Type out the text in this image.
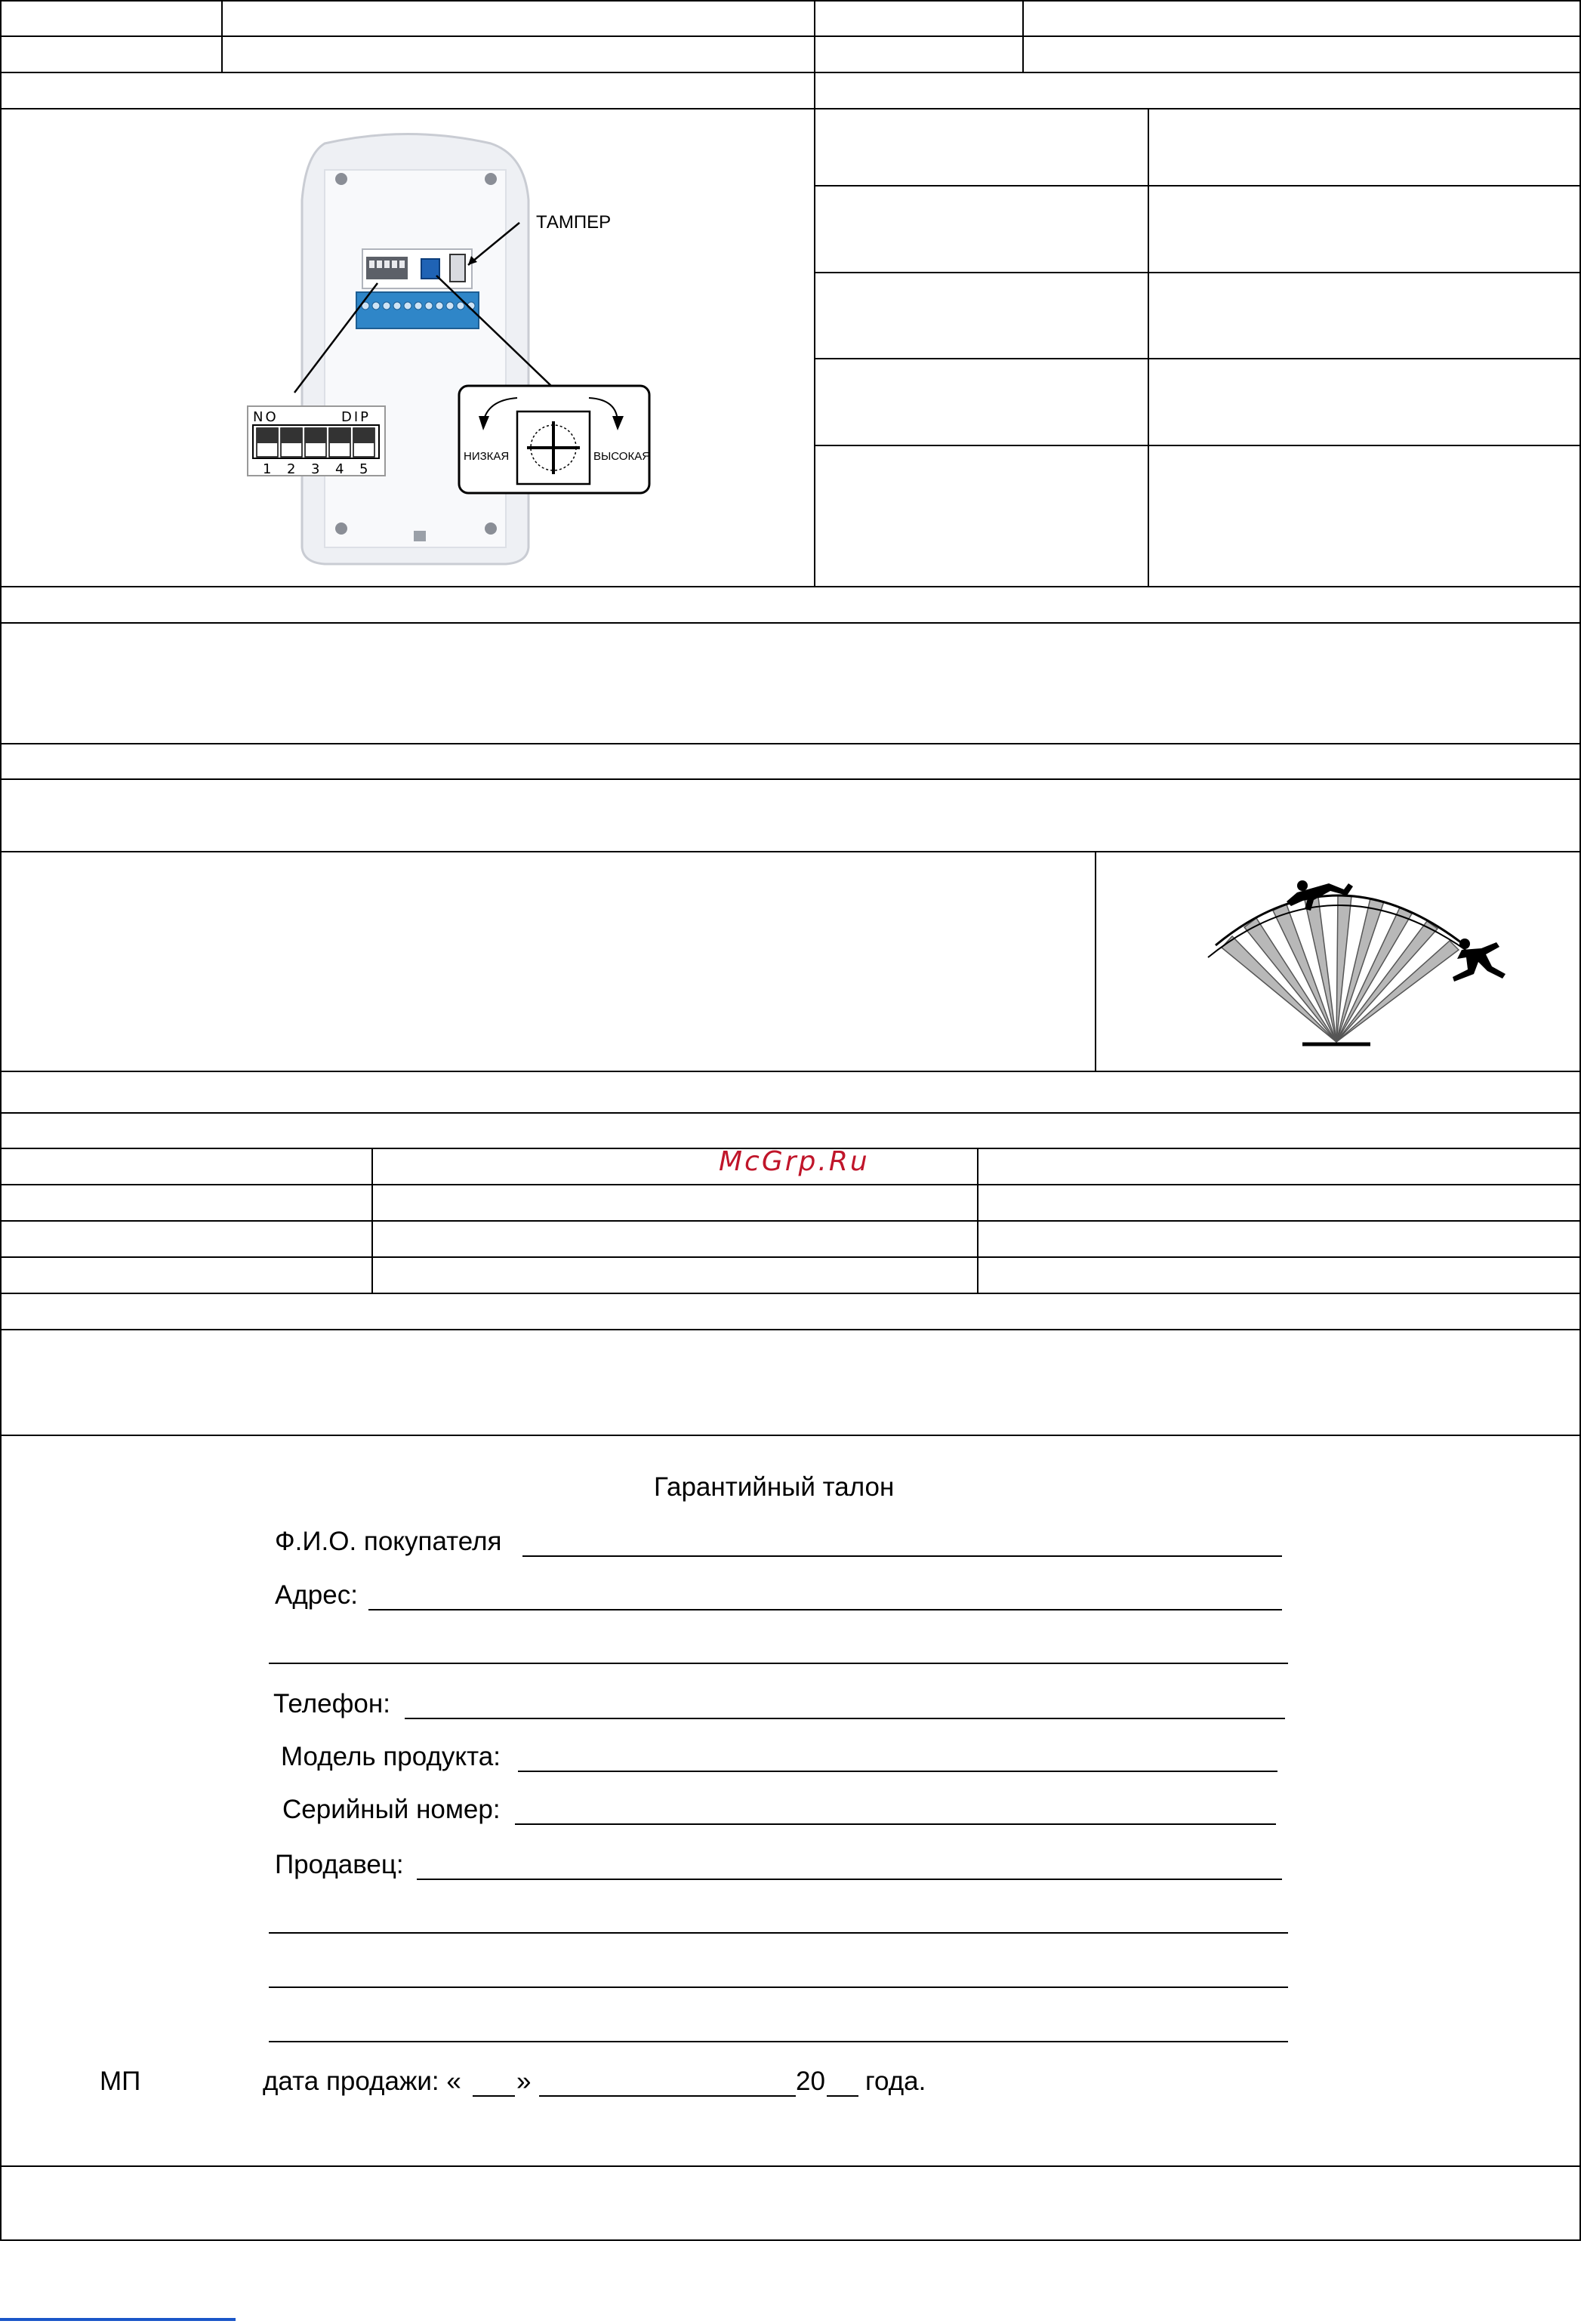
ТАМПЕР
NO	DIP
1 2 3 4 5
НИЗКАЯ	ВЫСОКАЯ
McGrp.Ru
Гарантийный талон
Ф.И.О. покупателя
Адрес:
Телефон:
Модель продукта:
Серийный номер:
Продавец:
МП	дата продажи: « »	20 года.
